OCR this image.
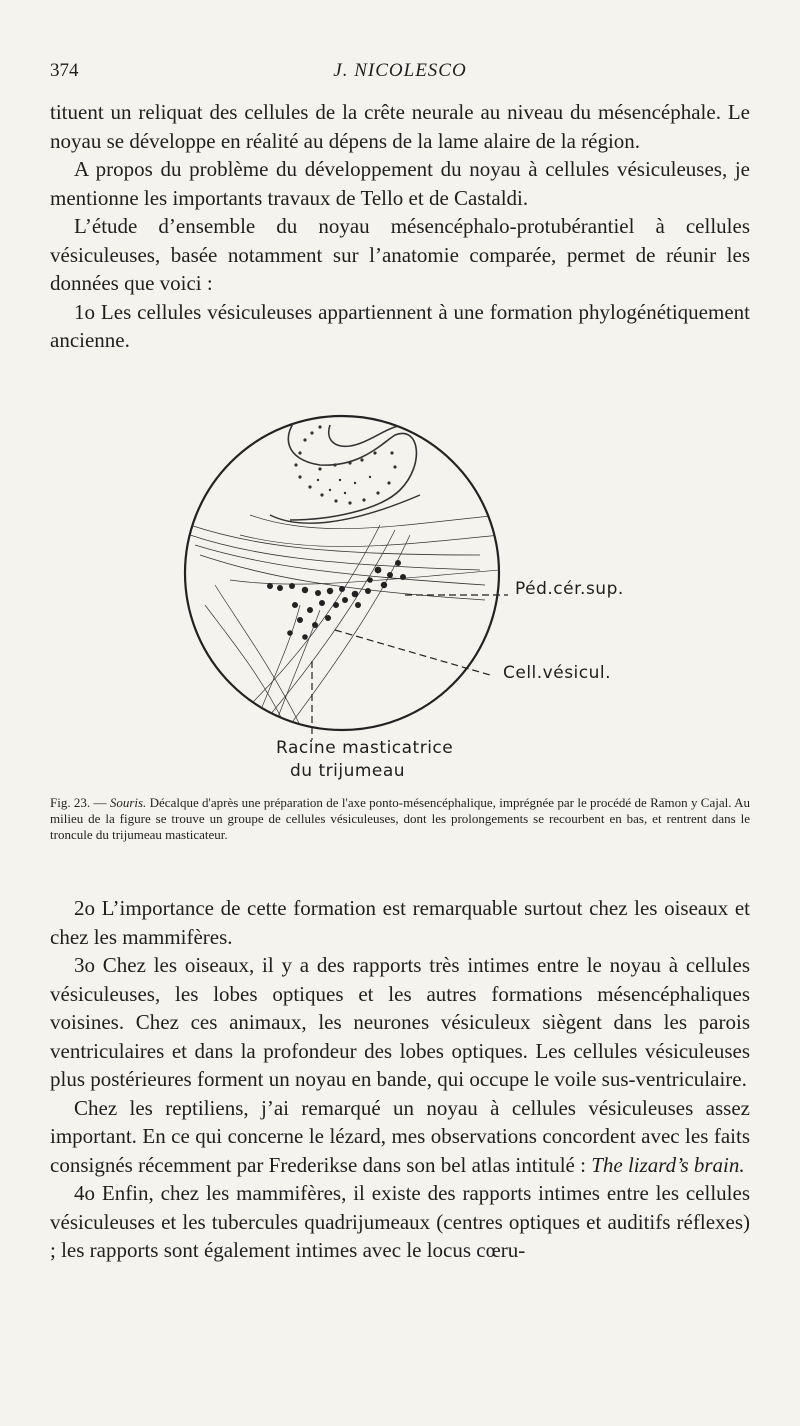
374	J. NICOLESCO

tituent un reliquat des cellules de la crête neurale au niveau du mésencéphale. Le noyau se développe en réalité au dépens de la lame alaire de la région.

A propos du problème du développement du noyau à cellules vésiculeuses, je mentionne les importants travaux de Tello et de Castaldi.

L’étude d’ensemble du noyau mésencéphalo-protubérantiel à cellules vésiculeuses, basée notamment sur l’anatomie comparée, permet de réunir les données que voici :

1o Les cellules vésiculeuses appartiennent à une formation phylogénétiquement ancienne.

Péd.cér.sup.
Cell.vésicul.
Racine masticatrice
du trijumeau
Fig. 23. — Souris. Décalque d'après une préparation de l'axe ponto-mésencéphalique, imprégnée par le procédé de Ramon y Cajal. Au milieu de la figure se trouve un groupe de cellules vésiculeuses, dont les prolongements se recourbent en bas, et rentrent dans le troncule du trijumeau masticateur.

2o L’importance de cette formation est remarquable surtout chez les oiseaux et chez les mammifères.

3o Chez les oiseaux, il y a des rapports très intimes entre le noyau à cellules vésiculeuses, les lobes optiques et les autres formations mésencéphaliques voisines. Chez ces animaux, les neurones vésiculeux siègent dans les parois ventriculaires et dans la profondeur des lobes optiques. Les cellules vésiculeuses plus postérieures forment un noyau en bande, qui occupe le voile sus-ventriculaire.

Chez les reptiliens, j’ai remarqué un noyau à cellules vésiculeuses assez important. En ce qui concerne le lézard, mes observations concordent avec les faits consignés récemment par Frederikse dans son bel atlas intitulé : The lizard’s brain.

4o Enfin, chez les mammifères, il existe des rapports intimes entre les cellules vésiculeuses et les tubercules quadrijumeaux (centres optiques et auditifs réflexes) ; les rapports sont également intimes avec le locus cœru-
